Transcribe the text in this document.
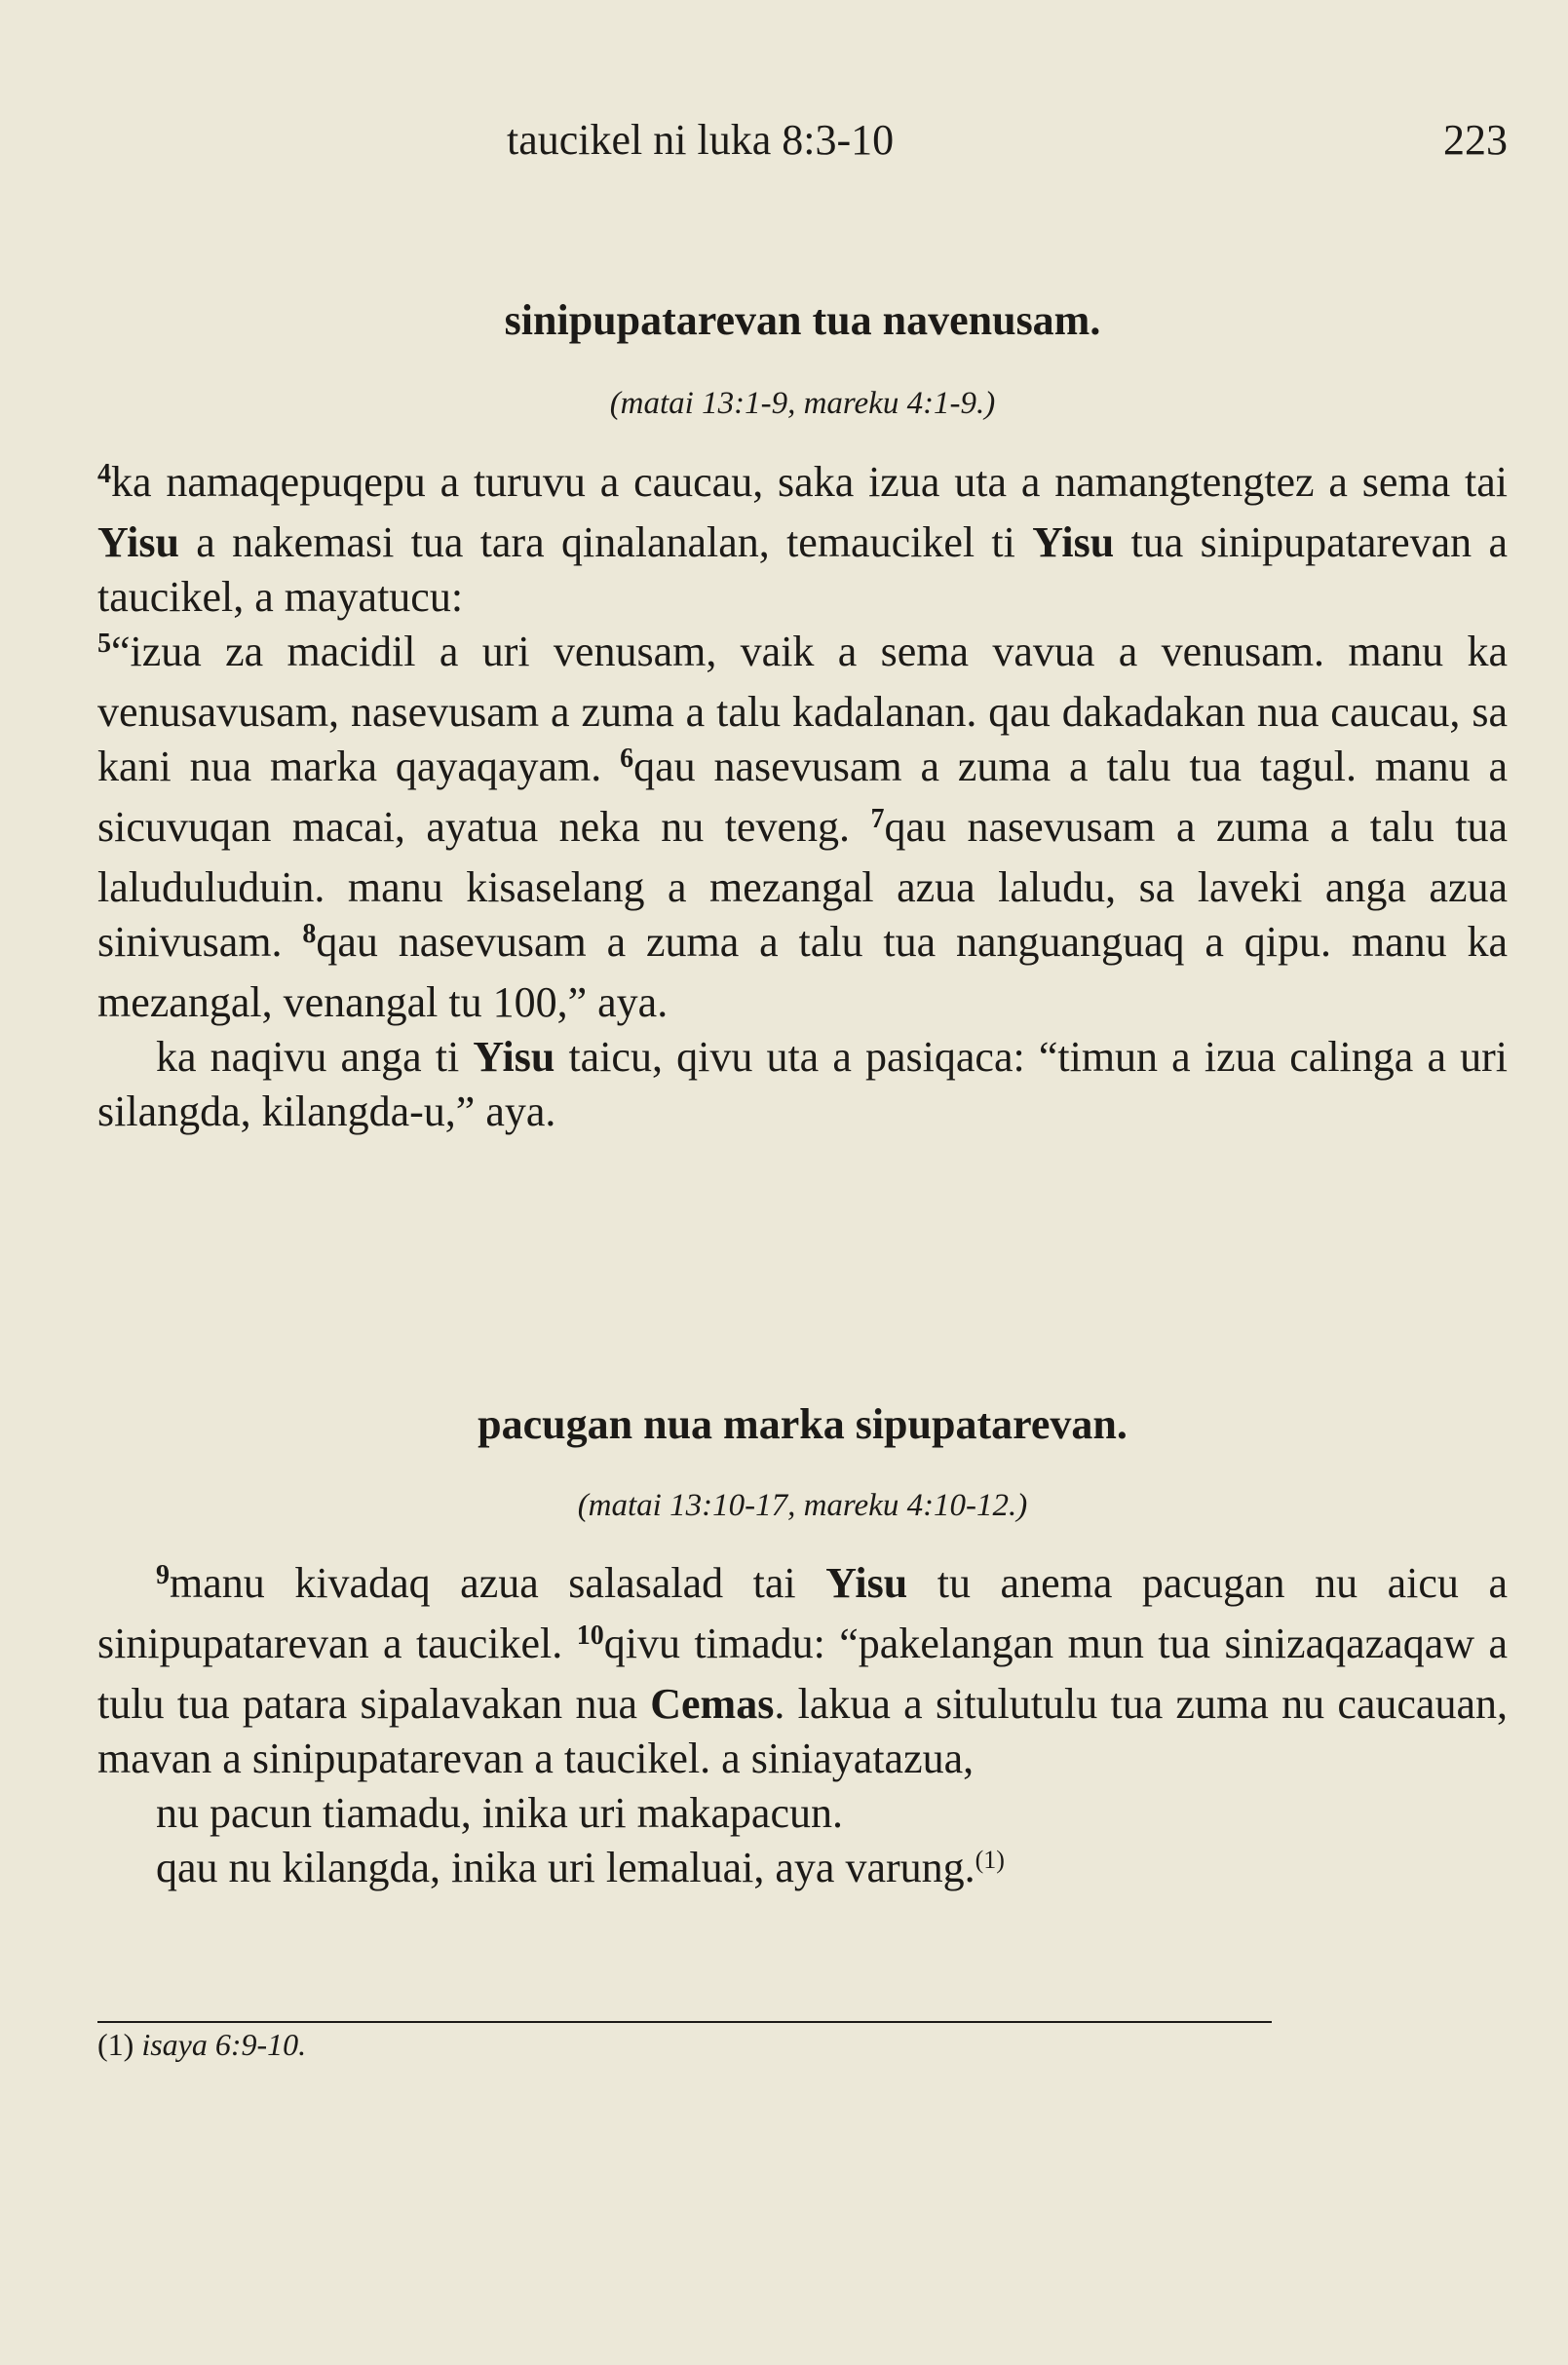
taucikel ni luka 8:3-10	223
sinipupatarevan tua navenusam.
(matai 13:1-9, mareku 4:1-9.)

$^4$ka namaqepuqepu a turuvu a caucau, saka izua uta a namangtengtez a sema tai Yisu a nakemasi tua tara qinalanalan, temaucikel ti Yisu tua sinipupatarevan a taucikel, a mayatucu:

$^5$“izua za macidil a uri venusam, vaik a sema vavua a venusam. manu ka venusavusam, nasevusam a zuma a talu kadalanan. qau dakadakan nua caucau, sa kani nua marka qayaqayam. $^6$qau nasevusam a zuma a talu tua tagul. manu a sicuvuqan macai, ayatua neka nu teveng. $^7$qau nasevusam a zuma a talu tua laluduluduin. manu kisaselang a mezangal azua laludu, sa laveki anga azua sinivusam. $^8$qau nasevusam a zuma a talu tua nanguanguaq a qipu. manu ka mezangal, venangal tu 100,” aya.

ka naqivu anga ti Yisu taicu, qivu uta a pasiqaca: “timun a izua calinga a uri silangda, kilangda-u,” aya.

pacugan nua marka sipupatarevan.
(matai 13:10-17, mareku 4:10-12.)

$^9$manu kivadaq azua salasalad tai Yisu tu anema pacugan nu aicu a sinipupatarevan a taucikel. $^{10}$qivu timadu: “pakelangan mun tua sinizaqazaqaw a tulu tua patara sipalavakan nua Cemas. lakua a situlutulu tua zuma nu caucauan, mavan a sinipupatarevan a taucikel. a siniayatazua,

nu pacun tiamadu, inika uri makapacun.

qau nu kilangda, inika uri lemaluai, aya varung.$^{(1)}$

(1) isaya 6:9-10.
